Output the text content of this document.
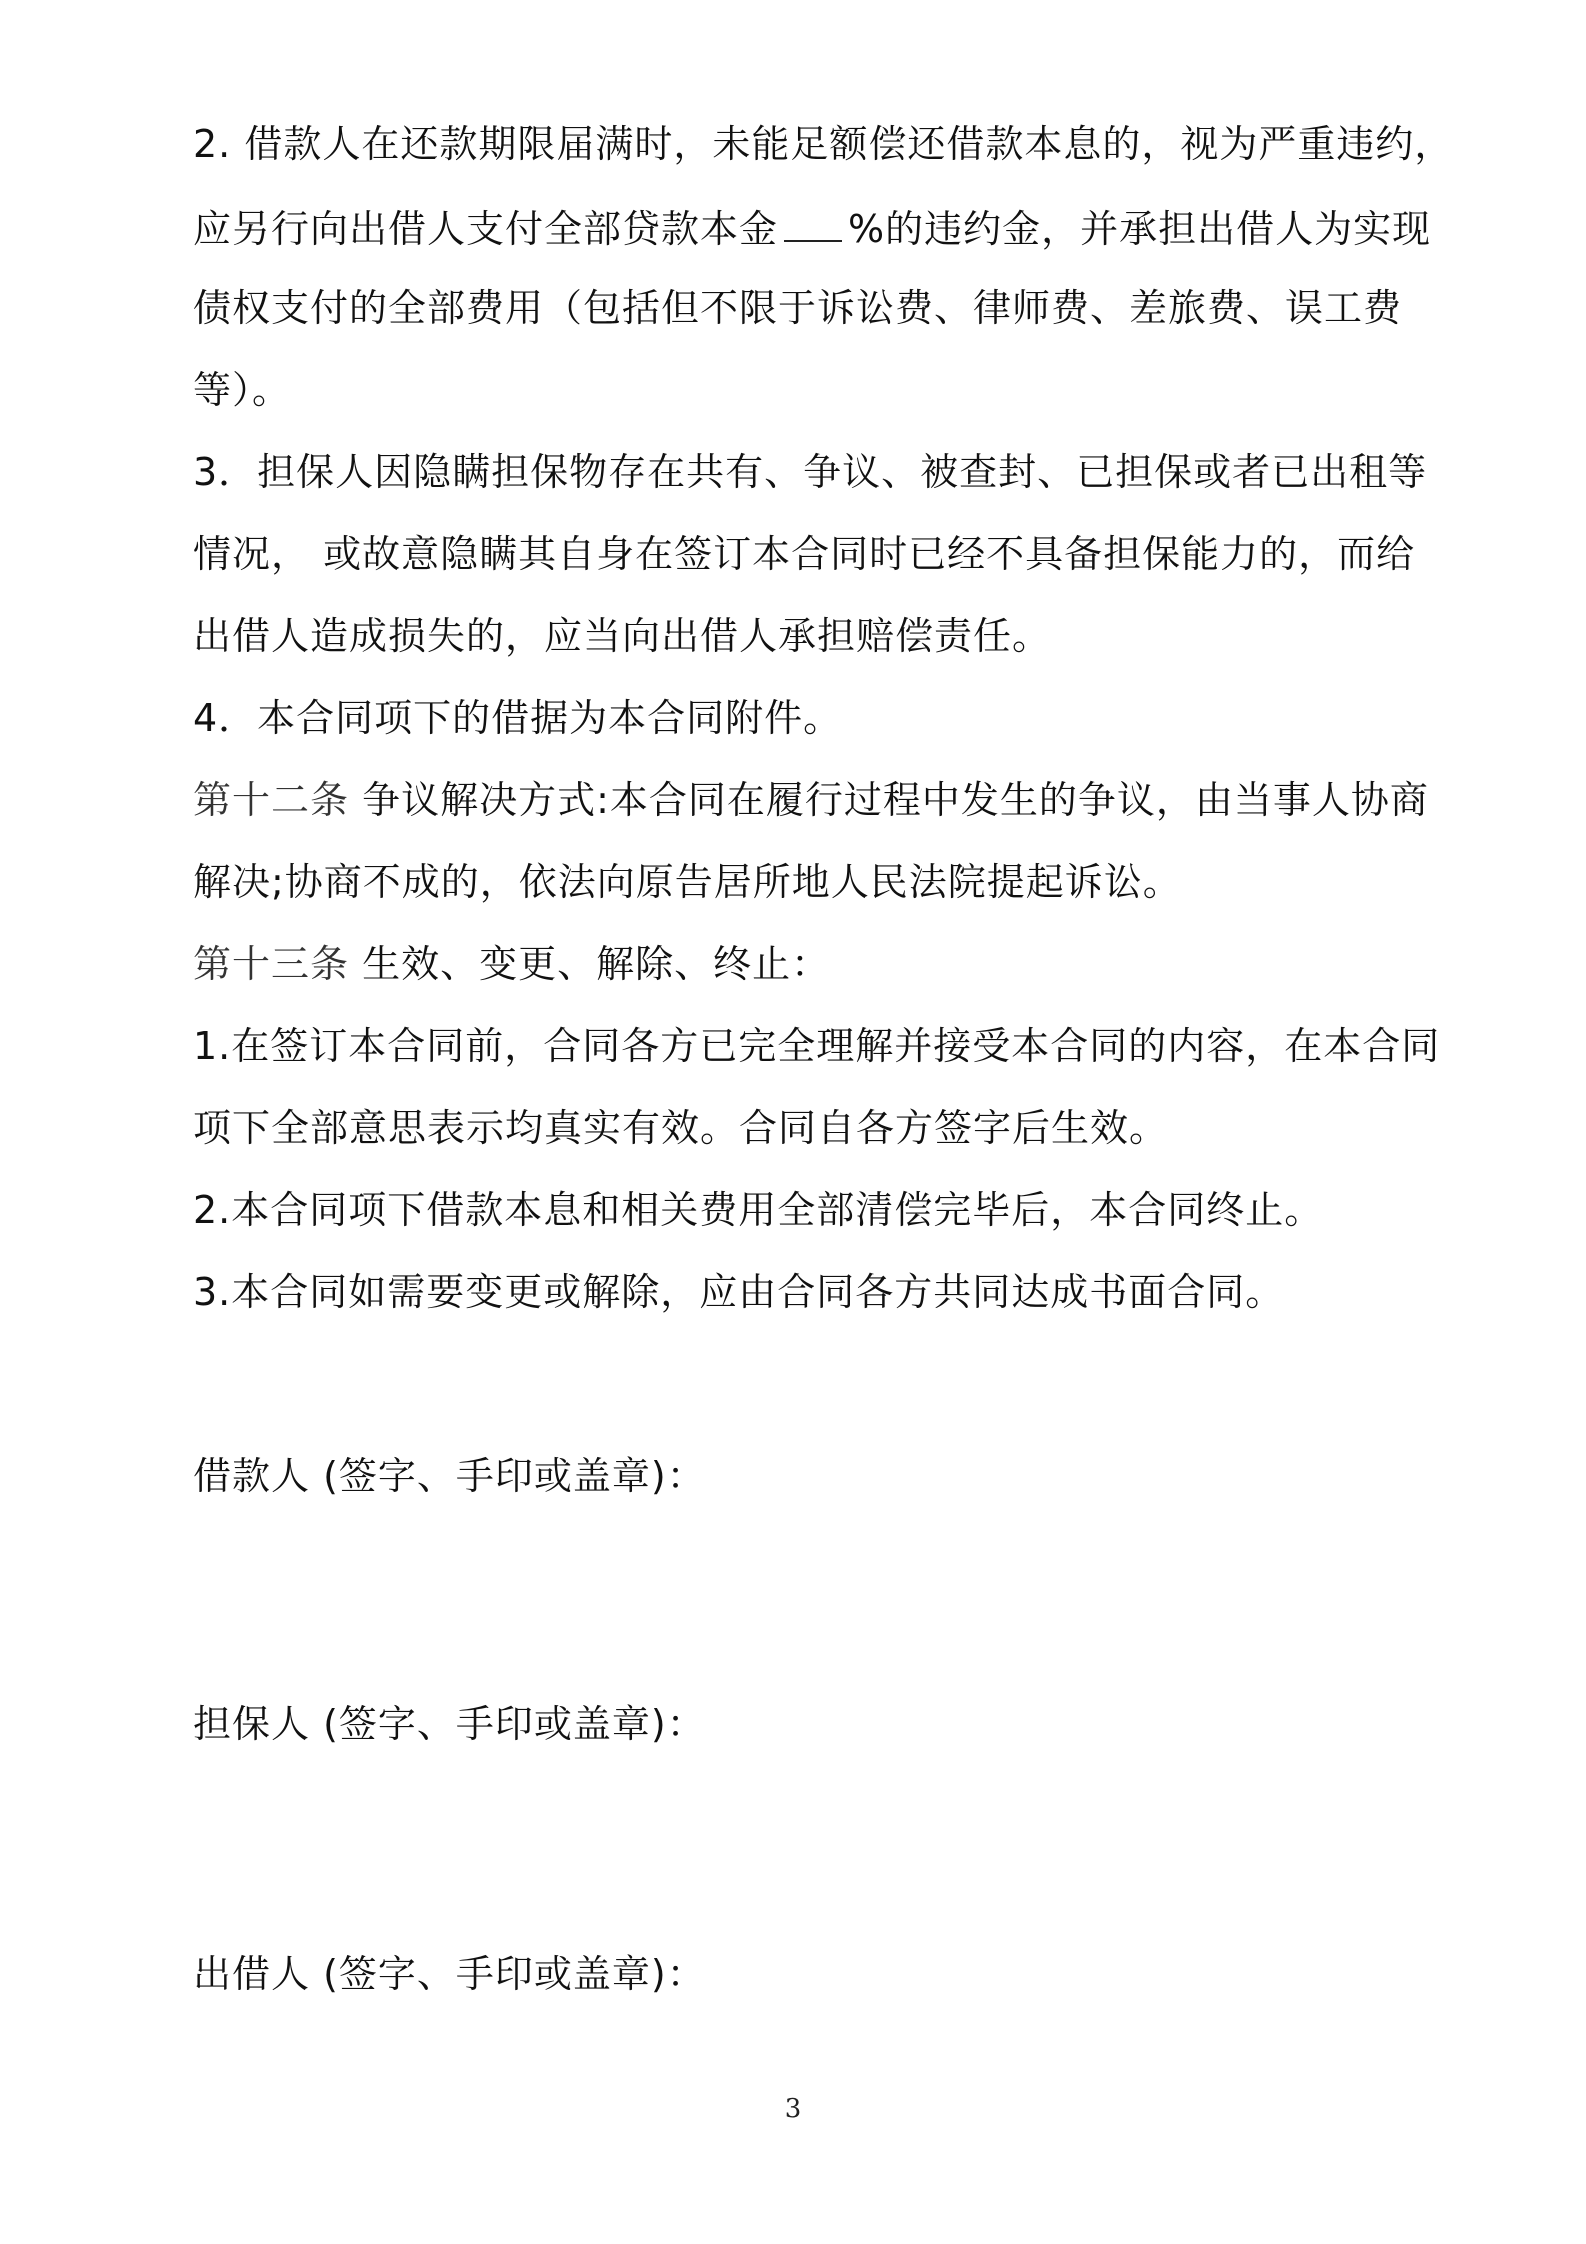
2. 借款人在还款期限届满时，未能足额偿还借款本息的，视为严重违约，
应另行向出借人支付全部贷款本金 %的违约金，并承担出借人为实现
债权支付的全部费用（包括但不限于诉讼费、律师费、差旅费、误工费
等）。
3．担保人因隐瞒担保物存在共有、争议、被查封、已担保或者已出租等
情况， 或故意隐瞒其自身在签订本合同时已经不具备担保能力的，而给
出借人造成损失的，应当向出借人承担赔偿责任。
4．本合同项下的借据为本合同附件。
第十二条 争议解决方式:本合同在履行过程中发生的争议，由当事人协商
解决;协商不成的，依法向原告居所地人民法院提起诉讼。
第十三条 生效、变更、解除、终止：
1.在签订本合同前，合同各方已完全理解并接受本合同的内容，在本合同
项下全部意思表示均真实有效。合同自各方签字后生效。
2.本合同项下借款本息和相关费用全部清偿完毕后，本合同终止。
3.本合同如需要变更或解除，应由合同各方共同达成书面合同。
借款人 (签字、手印或盖章)：
担保人 (签字、手印或盖章)：
出借人 (签字、手印或盖章)：
3
